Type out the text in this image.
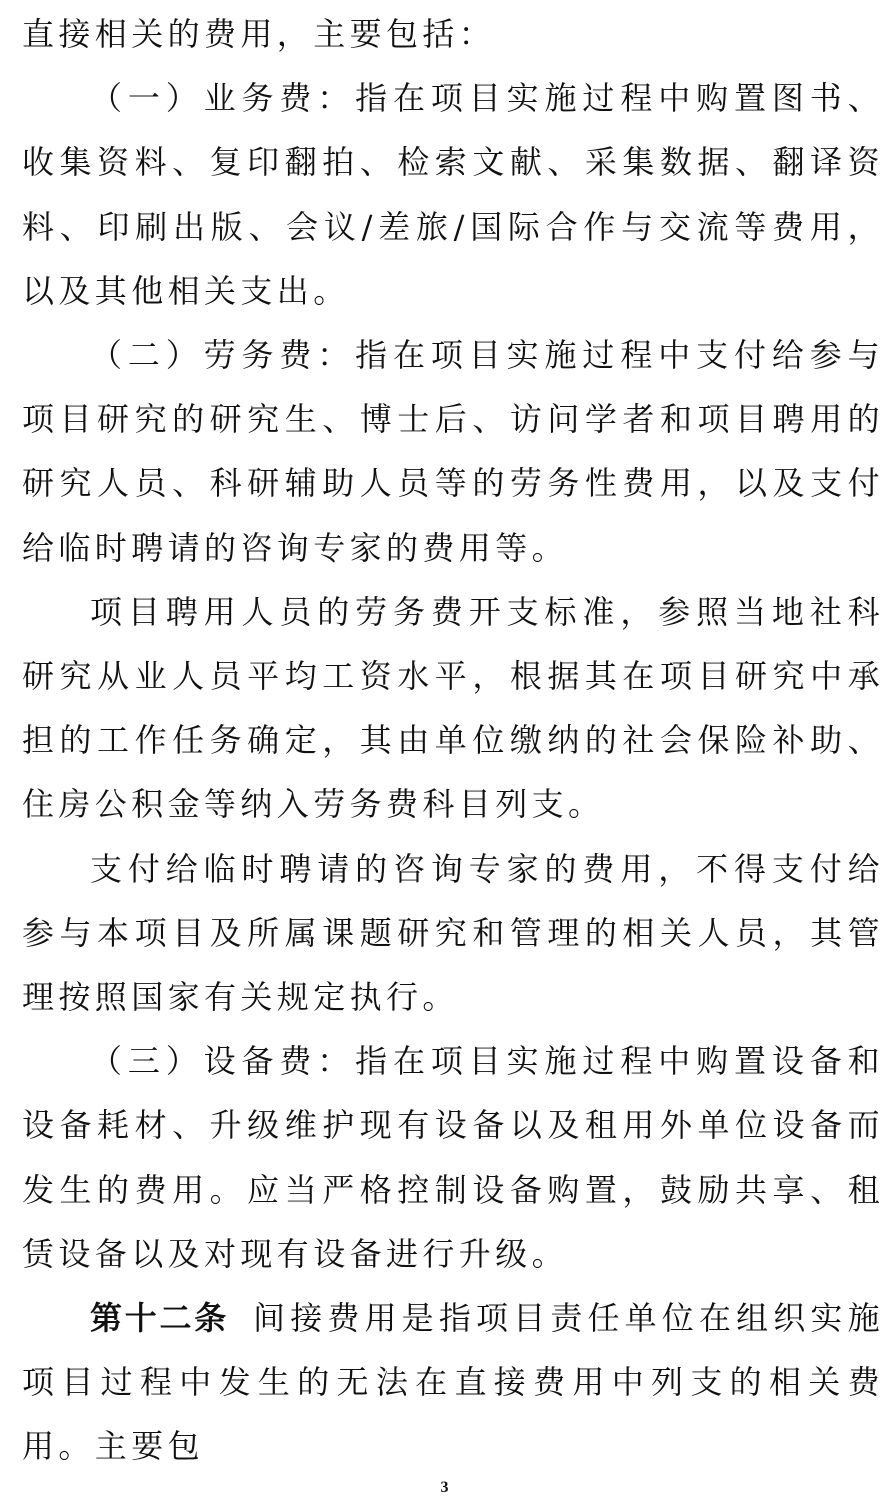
直接相关的费用，主要包括：

（一）业务费：指在项目实施过程中购置图书、收集资料、复印翻拍、检索文献、采集数据、翻译资料、印刷出版、会议/差旅/国际合作与交流等费用，以及其他相关支出。

（二）劳务费：指在项目实施过程中支付给参与项目研究的研究生、博士后、访问学者和项目聘用的研究人员、科研辅助人员等的劳务性费用，以及支付给临时聘请的咨询专家的费用等。

项目聘用人员的劳务费开支标准，参照当地社科研究从业人员平均工资水平，根据其在项目研究中承担的工作任务确定，其由单位缴纳的社会保险补助、住房公积金等纳入劳务费科目列支。

支付给临时聘请的咨询专家的费用，不得支付给参与本项目及所属课题研究和管理的相关人员，其管理按照国家有关规定执行。

（三）设备费：指在项目实施过程中购置设备和设备耗材、升级维护现有设备以及租用外单位设备而发生的费用。应当严格控制设备购置，鼓励共享、租赁设备以及对现有设备进行升级。

第十二条 间接费用是指项目责任单位在组织实施项目过程中发生的无法在直接费用中列支的相关费用。主要包

3
